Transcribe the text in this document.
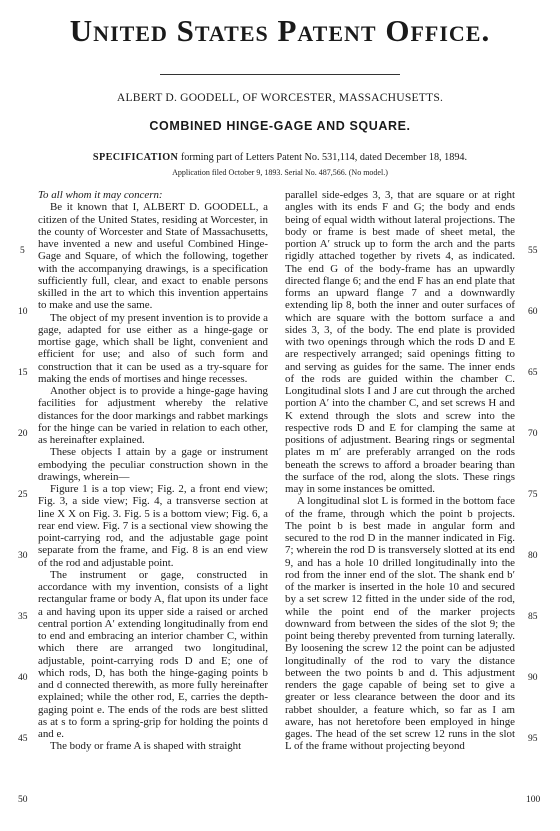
United States Patent Office.
ALBERT D. GOODELL, OF WORCESTER, MASSACHUSETTS.
COMBINED HINGE-GAGE AND SQUARE.
SPECIFICATION forming part of Letters Patent No. 531,114, dated December 18, 1894.
Application filed October 9, 1893. Serial No. 487,566. (No model.)

To all whom it may concern:

Be it known that I, ALBERT D. GOODELL, a citizen of the United States, residing at Worcester, in the county of Worcester and State of Massachusetts, have invented a new and useful Combined Hinge-Gage and Square, of which the following, together with the accompanying drawings, is a specification sufficiently full, clear, and exact to enable persons skilled in the art to which this invention appertains to make and use the same.

The object of my present invention is to provide a gage, adapted for use either as a hinge-gage or mortise gage, which shall be light, convenient and efficient for use; and also of such form and construction that it can be used as a try-square for making the ends of mortises and hinge recesses.

Another object is to provide a hinge-gage having facilities for adjustment whereby the relative distances for the door markings and rabbet markings for the hinge can be varied in relation to each other, as hereinafter explained.

These objects I attain by a gage or instrument embodying the peculiar construction shown in the drawings, wherein—

Figure 1 is a top view; Fig. 2, a front end view; Fig. 3, a side view; Fig. 4, a transverse section at line X X on Fig. 3. Fig. 5 is a bottom view; Fig. 6, a rear end view. Fig. 7 is a sectional view showing the point-carrying rod, and the adjustable gage point separate from the frame, and Fig. 8 is an end view of the rod and adjustable point.

The instrument or gage, constructed in accordance with my invention, consists of a light rectangular frame or body A, flat upon its under face a and having upon its upper side a raised or arched central portion A′ extending longitudinally from end to end and embracing an interior chamber C, within which there are arranged two longitudinal, adjustable, point-carrying rods D and E; one of which rods, D, has both the hinge-gaging points b and d connected therewith, as more fully hereinafter explained; while the other rod, E, carries the depth-gaging point e. The ends of the rods are best slitted as at s to form a spring-grip for holding the points d and e.

The body or frame A is shaped with straight

parallel side-edges 3, 3, that are square or at right angles with its ends F and G; the body and ends being of equal width without lateral projections. The body or frame is best made of sheet metal, the portion A′ struck up to form the arch and the parts rigidly attached together by rivets 4, as indicated. The end G of the body-frame has an upwardly directed flange 6; and the end F has an end plate that forms an upward flange 7 and a downwardly extending lip 8, both the inner and outer surfaces of which are square with the bottom surface a and sides 3, 3, of the body. The end plate is provided with two openings through which the rods D and E are respectively arranged; said openings fitting to and serving as guides for the same. The inner ends of the rods are guided within the chamber C. Longitudinal slots I and J are cut through the arched portion A′ into the chamber C, and set screws H and K extend through the slots and screw into the respective rods D and E for clamping the same at positions of adjustment. Bearing rings or segmental plates m m′ are preferably arranged on the rods beneath the screws to afford a broader bearing than the surface of the rod, along the slots. These rings may in some instances be omitted.

A longitudinal slot L is formed in the bottom face of the frame, through which the point b projects. The point b is best made in angular form and secured to the rod D in the manner indicated in Fig. 7; wherein the rod D is transversely slotted at its end 9, and has a hole 10 drilled longitudinally into the rod from the inner end of the slot. The shank end b′ of the marker is inserted in the hole 10 and secured by a set screw 12 fitted in the under side of the rod, while the point end of the marker projects downward from between the sides of the slot 9; the point being thereby prevented from turning laterally. By loosening the screw 12 the point can be adjusted longitudinally of the rod to vary the distance between the two points b and d. This adjustment renders the gage capable of being set to give a greater or less clearance between the door and its rabbet shoulder, a feature which, so far as I am aware, has not heretofore been employed in hinge gages. The head of the set screw 12 runs in the slot L of the frame without projecting beyond

5
10
15
20
25
30
35
40
45
50
55
60
65
70
75
80
85
90
95
100
